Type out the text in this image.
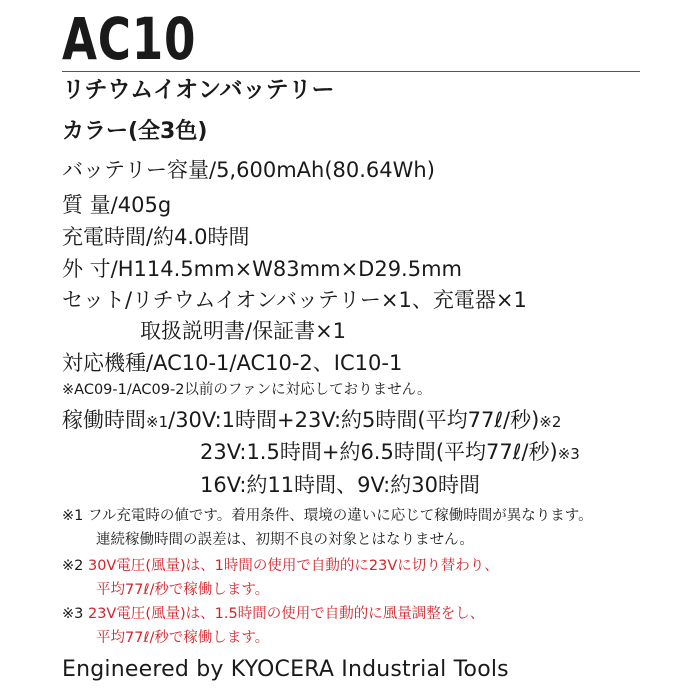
AC10
リチウムイオンバッテリー
カラー(全3色)
バッテリー容量/5,600mAh(80.64Wh)
質 量/405g
充電時間/約4.0時間
外 寸/H114.5mm×W83mm×D29.5mm
セット/リチウムイオンバッテリー×1、充電器×1
取扱説明書/保証書×1
対応機種/AC10-1/AC10-2、IC10-1
※AC09-1/AC09-2以前のファンに対応しておりません。
稼働時間※1/30V:1時間+23V:約5時間(平均77ℓ/秒)※2
23V:1.5時間+約6.5時間(平均77ℓ/秒)※3
16V:約11時間、9V:約30時間
※1 フル充電時の値です。着用条件、環境の違いに応じて稼働時間が異なります。
連続稼働時間の誤差は、初期不良の対象とはなりません。
※2 30V電圧(風量)は、1時間の使用で自動的に23Vに切り替わり、
平均77ℓ/秒で稼働します。
※3 23V電圧(風量)は、1.5時間の使用で自動的に風量調整をし、
平均77ℓ/秒で稼働します。
Engineered by KYOCERA Industrial Tools
